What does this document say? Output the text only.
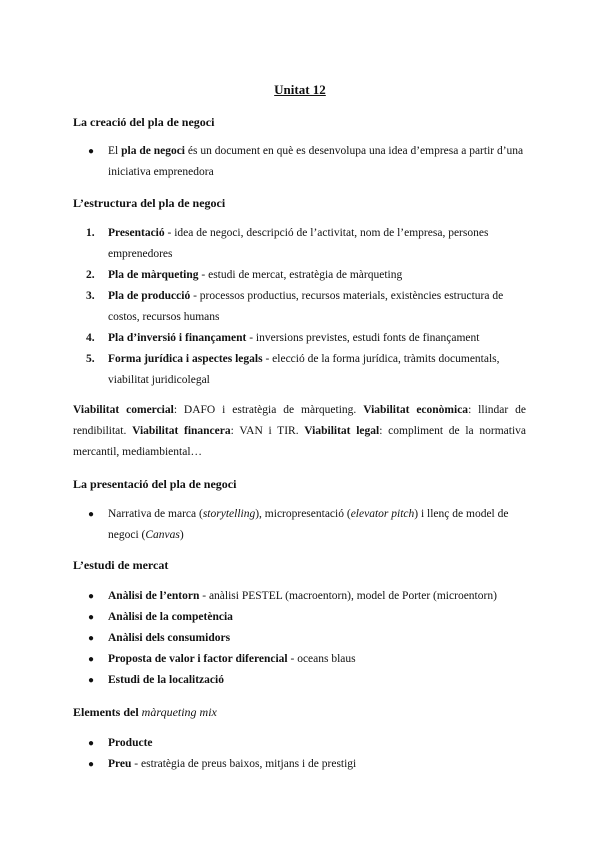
Unitat 12
La creació del pla de negoci
● El pla de negoci és un document en què es desenvolupa una idea d’empresa a partir d’una iniciativa emprenedora
L’estructura del pla de negoci
1. Presentació - idea de negoci, descripció de l’activitat, nom de l’empresa, persones emprenedores
2. Pla de màrqueting - estudi de mercat, estratègia de màrqueting
3. Pla de producció - processos productius, recursos materials, existències estructura de costos, recursos humans
4. Pla d’inversió i finançament - inversions previstes, estudi fonts de finançament
5. Forma jurídica i aspectes legals - elecció de la forma jurídica, tràmits documentals, viabilitat juridicolegal
Viabilitat comercial: DAFO i estratègia de màrqueting. Viabilitat econòmica: llindar de rendibilitat. Viabilitat financera: VAN i TIR. Viabilitat legal: compliment de la normativa mercantil, mediambiental…
La presentació del pla de negoci
● Narrativa de marca (storytelling), micropresentació (elevator pitch) i llenç de model de negoci (Canvas)
L’estudi de mercat
● Anàlisi de l’entorn - anàlisi PESTEL (macroentorn), model de Porter (microentorn)
● Anàlisi de la competència
● Anàlisi dels consumidors
● Proposta de valor i factor diferencial - oceans blaus
● Estudi de la localització
Elements del màrqueting mix
● Producte
● Preu - estratègia de preus baixos, mitjans i de prestigi
